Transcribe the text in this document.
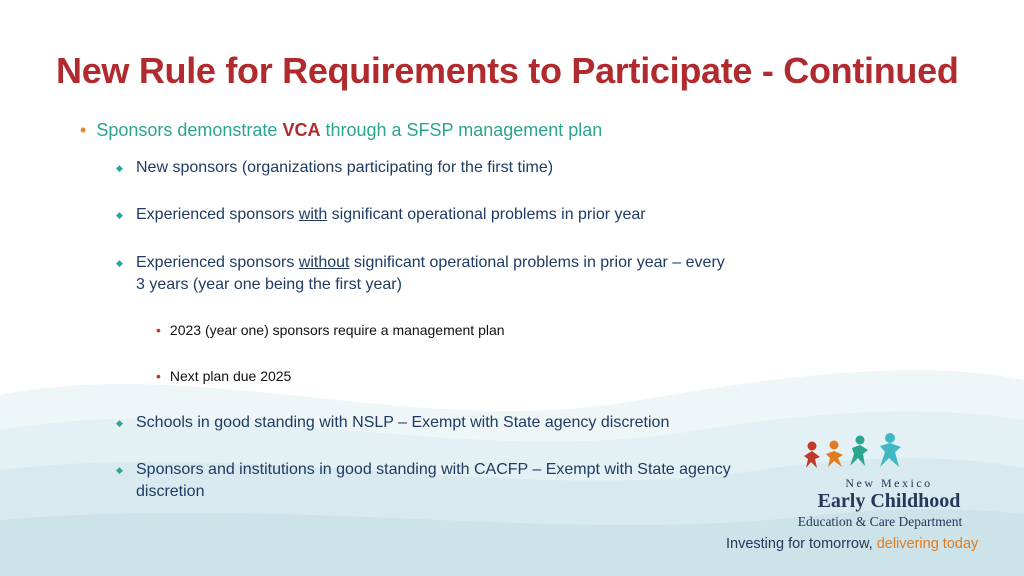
New Rule for Requirements to Participate - Continued
• Sponsors demonstrate VCA through a SFSP management plan
◆ New sponsors (organizations participating for the first time)
◆ Experienced sponsors with significant operational problems in prior year
◆ Experienced sponsors without significant operational problems in prior year – every 3 years (year one being the first year)
• 2023 (year one) sponsors require a management plan
• Next plan due 2025
◆ Schools in good standing with NSLP – Exempt with State agency discretion
◆ Sponsors and institutions in good standing with CACFP – Exempt with State agency discretion	New Mexico
Early Childhood
Education & Care Department
Investing for tomorrow, delivering today
